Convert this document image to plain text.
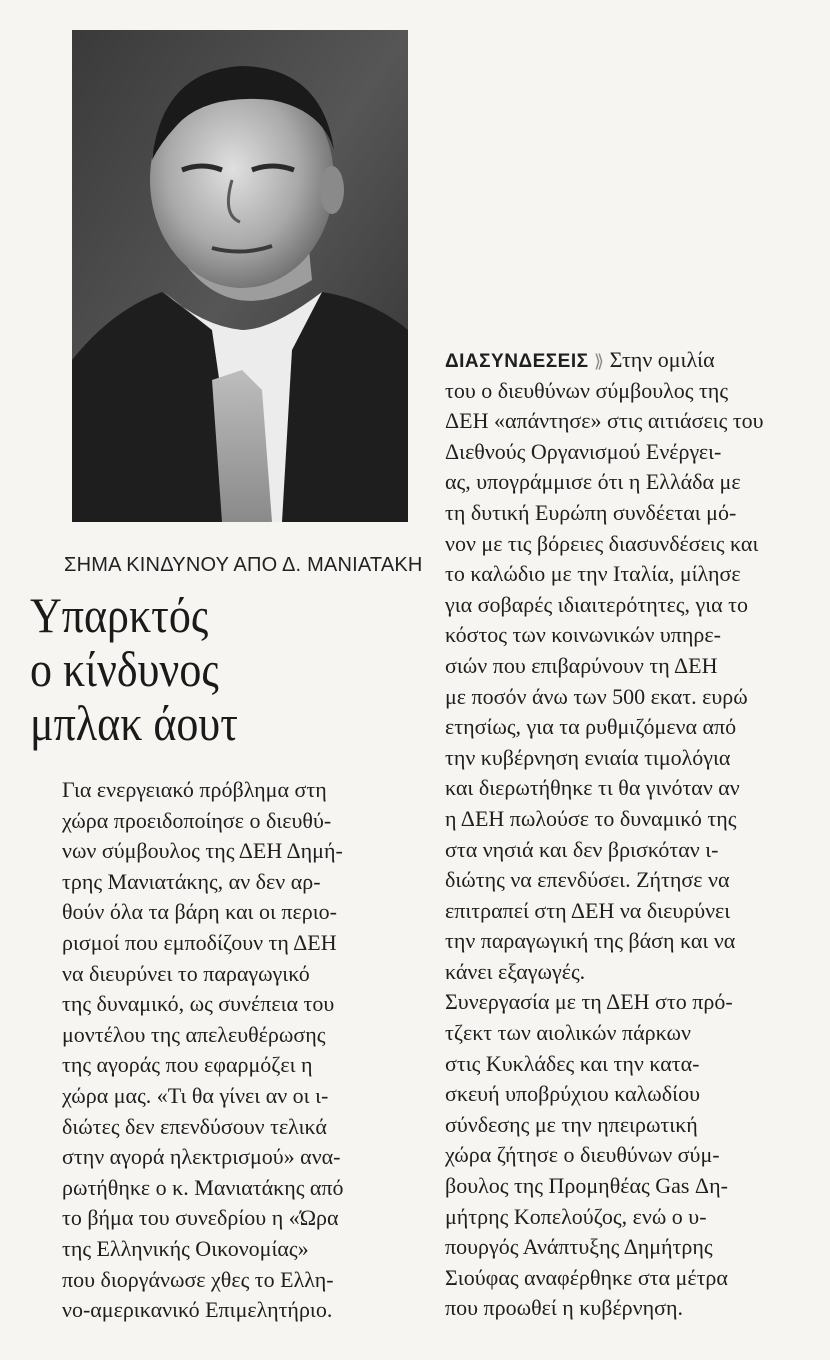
ΣΗΜΑ ΚΙΝΔΥΝΟΥ ΑΠΟ Δ. ΜΑΝΙΑΤΑΚΗ
Υπαρκτός
ο κίνδυνος
μπλακ άουτ
Για ενεργειακό πρόβλημα στη
χώρα προειδοποίησε ο διευθύ-
νων σύμβουλος της ΔΕΗ Δημή-
τρης Μανιατάκης, αν δεν αρ-
θούν όλα τα βάρη και οι περιο-
ρισμοί που εμποδίζουν τη ΔΕΗ
να διευρύνει το παραγωγικό
της δυναμικό, ως συνέπεια του
μοντέλου της απελευθέρωσης
της αγοράς που εφαρμόζει η
χώρα μας. «Τι θα γίνει αν οι ι-
διώτες δεν επενδύσουν τελικά
στην αγορά ηλεκτρισμού» ανα-
ρωτήθηκε ο κ. Μανιατάκης από
το βήμα του συνεδρίου η «Ώρα
της Ελληνικής Οικονομίας»
που διοργάνωσε χθες το Ελλη-
νο-αμερικανικό Επιμελητήριο.
ΔΙΑΣΥΝΔΕΣΕΙΣ ⟫ Στην ομιλία
του ο διευθύνων σύμβουλος της
ΔΕΗ «απάντησε» στις αιτιάσεις του
Διεθνούς Οργανισμού Ενέργει-
ας, υπογράμμισε ότι η Ελλάδα με
τη δυτική Ευρώπη συνδέεται μό-
νον με τις βόρειες διασυνδέσεις και
το καλώδιο με την Ιταλία, μίλησε
για σοβαρές ιδιαιτερότητες, για το
κόστος των κοινωνικών υπηρε-
σιών που επιβαρύνουν τη ΔΕΗ
με ποσόν άνω των 500 εκατ. ευρώ
ετησίως, για τα ρυθμιζόμενα από
την κυβέρνηση ενιαία τιμολόγια
και διερωτήθηκε τι θα γινόταν αν
η ΔΕΗ πωλούσε το δυναμικό της
στα νησιά και δεν βρισκόταν ι-
διώτης να επενδύσει. Ζήτησε να
επιτραπεί στη ΔΕΗ να διευρύνει
την παραγωγική της βάση και να
κάνει εξαγωγές.
Συνεργασία με τη ΔΕΗ στο πρό-
τζεκτ των αιολικών πάρκων
στις Κυκλάδες και την κατα-
σκευή υποβρύχιου καλωδίου
σύνδεσης με την ηπειρωτική
χώρα ζήτησε ο διευθύνων σύμ-
βουλος της Προμηθέας Gas Δη-
μήτρης Κοπελούζος, ενώ ο υ-
πουργός Ανάπτυξης Δημήτρης
Σιούφας αναφέρθηκε στα μέτρα
που προωθεί η κυβέρνηση.
